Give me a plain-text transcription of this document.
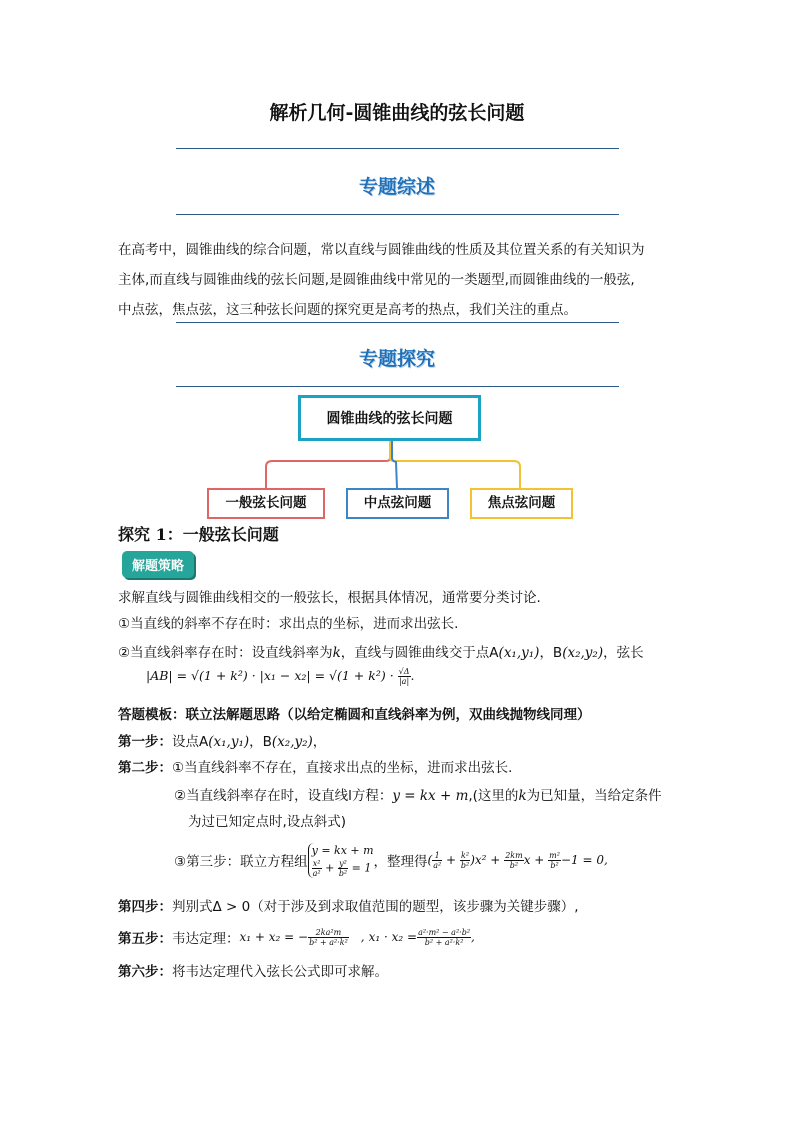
解析几何-圆锥曲线的弦长问题
专题综述
在高考中，圆锥曲线的综合问题，常以直线与圆锥曲线的性质及其位置关系的有关知识为
主体,而直线与圆锥曲线的弦长问题,是圆锥曲线中常见的一类题型,而圆锥曲线的一般弦,
中点弦，焦点弦，这三种弦长问题的探究更是高考的热点，我们关注的重点。
专题探究
圆锥曲线的弦长问题
一般弦长问题	中点弦问题	焦点弦问题
探究 1：一般弦长问题
解题策略
求解直线与圆锥曲线相交的一般弦长，根据具体情况，通常要分类讨论.
①当直线的斜率不存在时：求出点的坐标，进而求出弦长.
②当直线斜率存在时：设直线斜率为k，直线与圆锥曲线交于点A(x₁,y₁)，B(x₂,y₂)，弦长
$|AB| = √(1 + k^2) \cdot |x_1 - x_2| = √(1 + k^2) \cdot \frac{√\Delta}{|a|}$ .
答题模板：联立法解题思路（以给定椭圆和直线斜率为例，双曲线抛物线同理）
第一步：设点A(x₁,y₁)，B(x₂,y₂)，
第二步：①当直线斜率不存在，直接求出点的坐标，进而求出弦长.
②当直线斜率存在时，设直线l方程：y = kx + m,(这里的k为已知量，当给定条件
为过已知定点时,设点斜式)
③第三步：联立方程组
y = kx + m
$\frac{\text{x²}}{\text{a²}} + \frac{\text{y²}}{\text{b²}} = 1$ ，整理得 ( $\frac{1}{\text{a²}} + \frac{\text{k²}}{\text{b²}} )x^2 + \frac{2km}{\text{b²}}$ $x + \frac{\text{m²}}{\text{b²}} -1 = 0$,
第四步：判别式Δ > 0（对于涉及到求取值范围的题型，该步骤为关键步骤）,
第五步： 韦达定理： x₁ + x₂ = − $\frac{\text{2ka²m}}{\text{b² + a²·k²}}$ , $x_1 \cdot x_2 = \frac{\text{a²·m² − a²·b²}}{\text{b² + a²·k²}}$ ,
第六步：将韦达定理代入弦长公式即可求解。
